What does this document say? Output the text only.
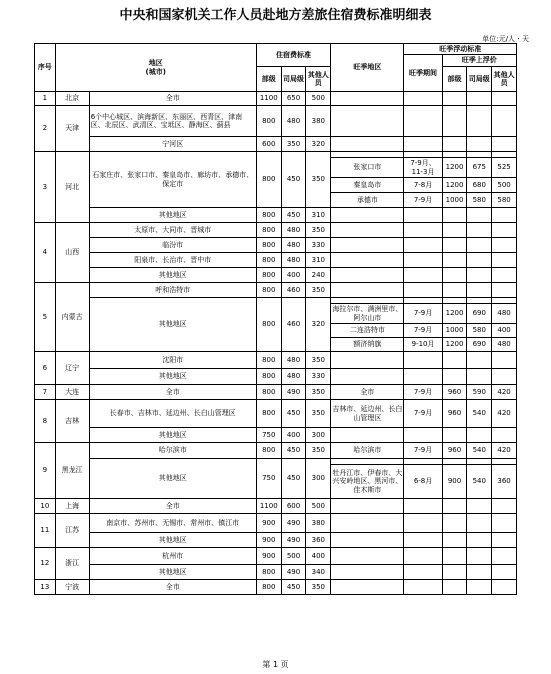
中央和国家机关工作人员赴地方差旅住宿费标准明细表
单位:元/人・天
序号	地区
(城市)		住宿费标准			旺季地区	旺季浮动标准			
							旺季期间	旺季上浮价		
			部级	司局级	其他人员			部级	司局级	其他人员
1	北京	全市	1100	650	500					
2	天津	6个中心城区、滨海新区、东丽区、西青区、津南区、北辰区、武清区、宝坻区、静海区、蓟县	800	480	380					
		宁河区	600	350	320					
3	河北	石家庄市、张家口市、秦皇岛市、廊坊市、承德市、保定市	800	450	350					
						张家口市	7-9月、11-3月	1200	675	525
						秦皇岛市	7-8月	1200	680	500
						承德市	7-9月	1000	580	580
		其他地区	800	450	310					
4	山西	太原市、大同市、晋城市	800	480	350					
		临汾市	800	480	330					
		阳泉市、长治市、晋中市	800	480	310					
		其他地区	800	400	240					
5	内蒙古	呼和浩特市	800	460	350					
		其他地区	800	460	320					
						海拉尔市、满洲里市、阿尔山市	7-9月	1200	690	480
						二连浩特市	7-9月	1000	580	400
						额济纳旗	9-10月	1200	690	480
6	辽宁	沈阳市	800	480	350					
		其他地区	800	480	330					
7	大连	全市	800	490	350	全市	7-9月	960	590	420
8	吉林	长春市、吉林市、延边州、长白山管理区	800	450	350	吉林市、延边州、长白山管理区	7-9月	960	540	420
		其他地区	750	400	300					
9	黑龙江	哈尔滨市	800	450	350	哈尔滨市	7-9月	960	540	420
		其他地区	750	450	300					
						牡丹江市、伊春市、大兴安岭地区、黑河市、佳木斯市	6-8月	900	540	360
10	上海	全市	1100	600	500					
11	江苏	南京市、苏州市、无锡市、常州市、镇江市	900	490	380					
		其他地区	900	490	360					
12	浙江	杭州市	900	500	400					
		其他地区	800	490	340					
13	宁波	全市	800	450	350					
第 1 页
